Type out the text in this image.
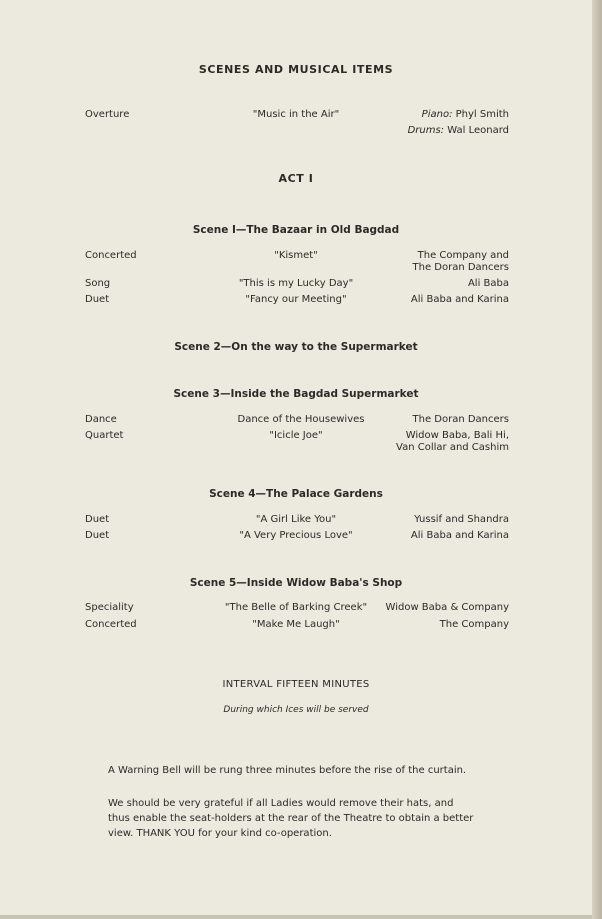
SCENES AND MUSICAL ITEMS
Overture	"Music in the Air"	Piano: Phyl Smith
Drums: Wal Leonard
ACT I
Scene I—The Bazaar in Old Bagdad
Concerted	"Kismet"	The Company and
The Doran Dancers
Song	"This is my Lucky Day"	Ali Baba
Duet	"Fancy our Meeting"	Ali Baba and Karina
Scene 2—On the way to the Supermarket
Scene 3—Inside the Bagdad Supermarket
Dance	Dance of the Housewives	The Doran Dancers
Quartet	"Icicle Joe"	Widow Baba, Bali Hi,
Van Collar and Cashim
Scene 4—The Palace Gardens
Duet	"A Girl Like You"	Yussif and Shandra
Duet	"A Very Precious Love"	Ali Baba and Karina
Scene 5—Inside Widow Baba's Shop
Speciality	"The Belle of Barking Creek" Widow Baba & Company
Concerted	"Make Me Laugh"	The Company
INTERVAL FIFTEEN MINUTES
During which Ices will be served
A Warning Bell will be rung three minutes before the rise of the curtain.
We should be very grateful if all Ladies would remove their hats, and
thus enable the seat-holders at the rear of the Theatre to obtain a better
view. THANK YOU for your kind co-operation.
